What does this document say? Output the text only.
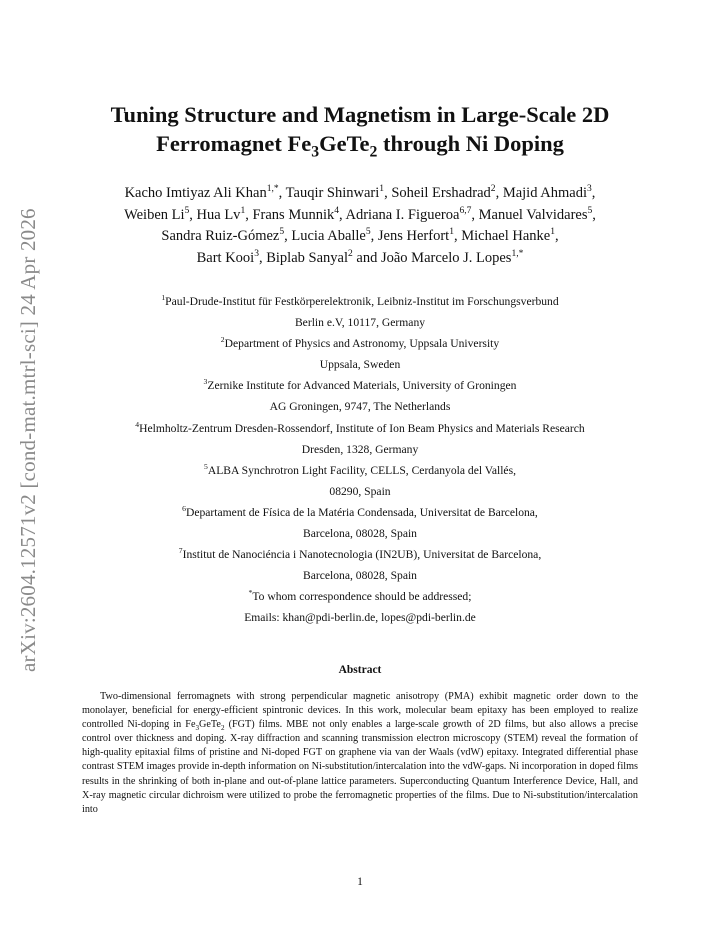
arXiv:2604.12571v2 [cond-mat.mtrl-sci] 24 Apr 2026
Tuning Structure and Magnetism in Large-Scale 2D
Ferromagnet $Fe_3GeTe_2$ through Ni Doping
Kacho Imtiyaz Ali Khan$^{1,*}$, Tauqir Shinwari$^1$, Soheil Ershadrad$^2$, Majid Ahmadi$^3$,
Weiben Li$^5$, Hua Lv$^1$, Frans Munnik$^4$, Adriana I. Figueroa$^{6,7}$, Manuel Valvidares$^5$,
Sandra Ruiz-Gómez$^5$, Lucia Aballe$^5$, Jens Herfort$^1$, Michael Hanke$^1$,
Bart Kooi$^3$, Biplab Sanyal$^2$ and João Marcelo J. Lopes$^{1,*}$
$^1$Paul-Drude-Institut für Festkörperelektronik, Leibniz-Institut im Forschungsverbund
Berlin e.V, 10117, Germany
$^2$Department of Physics and Astronomy, Uppsala University
Uppsala, Sweden
$^3$Zernike Institute for Advanced Materials, University of Groningen
AG Groningen, 9747, The Netherlands
$^4$Helmholtz-Zentrum Dresden-Rossendorf, Institute of Ion Beam Physics and Materials Research
Dresden, 1328, Germany
$^5$ALBA Synchrotron Light Facility, CELLS, Cerdanyola del Vallés,
08290, Spain
$^6$Departament de Física de la Matéria Condensada, Universitat de Barcelona,
Barcelona, 08028, Spain
$^7$Institut de Nanociéncia i Nanotecnologia (IN2UB), Universitat de Barcelona,
Barcelona, 08028, Spain
*To whom correspondence should be addressed;
Emails: khan@pdi-berlin.de, lopes@pdi-berlin.de
Abstract
Two-dimensional ferromagnets with strong perpendicular magnetic anisotropy (PMA) exhibit magnetic order down to the monolayer, beneficial for energy-efficient spintronic devices. In this work, molecular beam epitaxy has been employed to realize controlled Ni-doping in $Fe_3GeTe_2$ (FGT) films. MBE not only enables a large-scale growth of 2D films, but also allows a precise control over thickness and doping. X-ray diffraction and scanning transmission electron microscopy (STEM) reveal the formation of high-quality epitaxial films of pristine and Ni-doped FGT on graphene via van der Waals (vdW) epitaxy. Integrated differential phase contrast STEM images provide in-depth information on Ni-substitution/intercalation into the vdW-gaps. Ni incorporation in doped films results in the shrinking of both in-plane and out-of-plane lattice parameters. Superconducting Quantum Interference Device, Hall, and X-ray magnetic circular dichroism were utilized to probe the ferromagnetic properties of the films. Due to Ni-substitution/intercalation into
1
